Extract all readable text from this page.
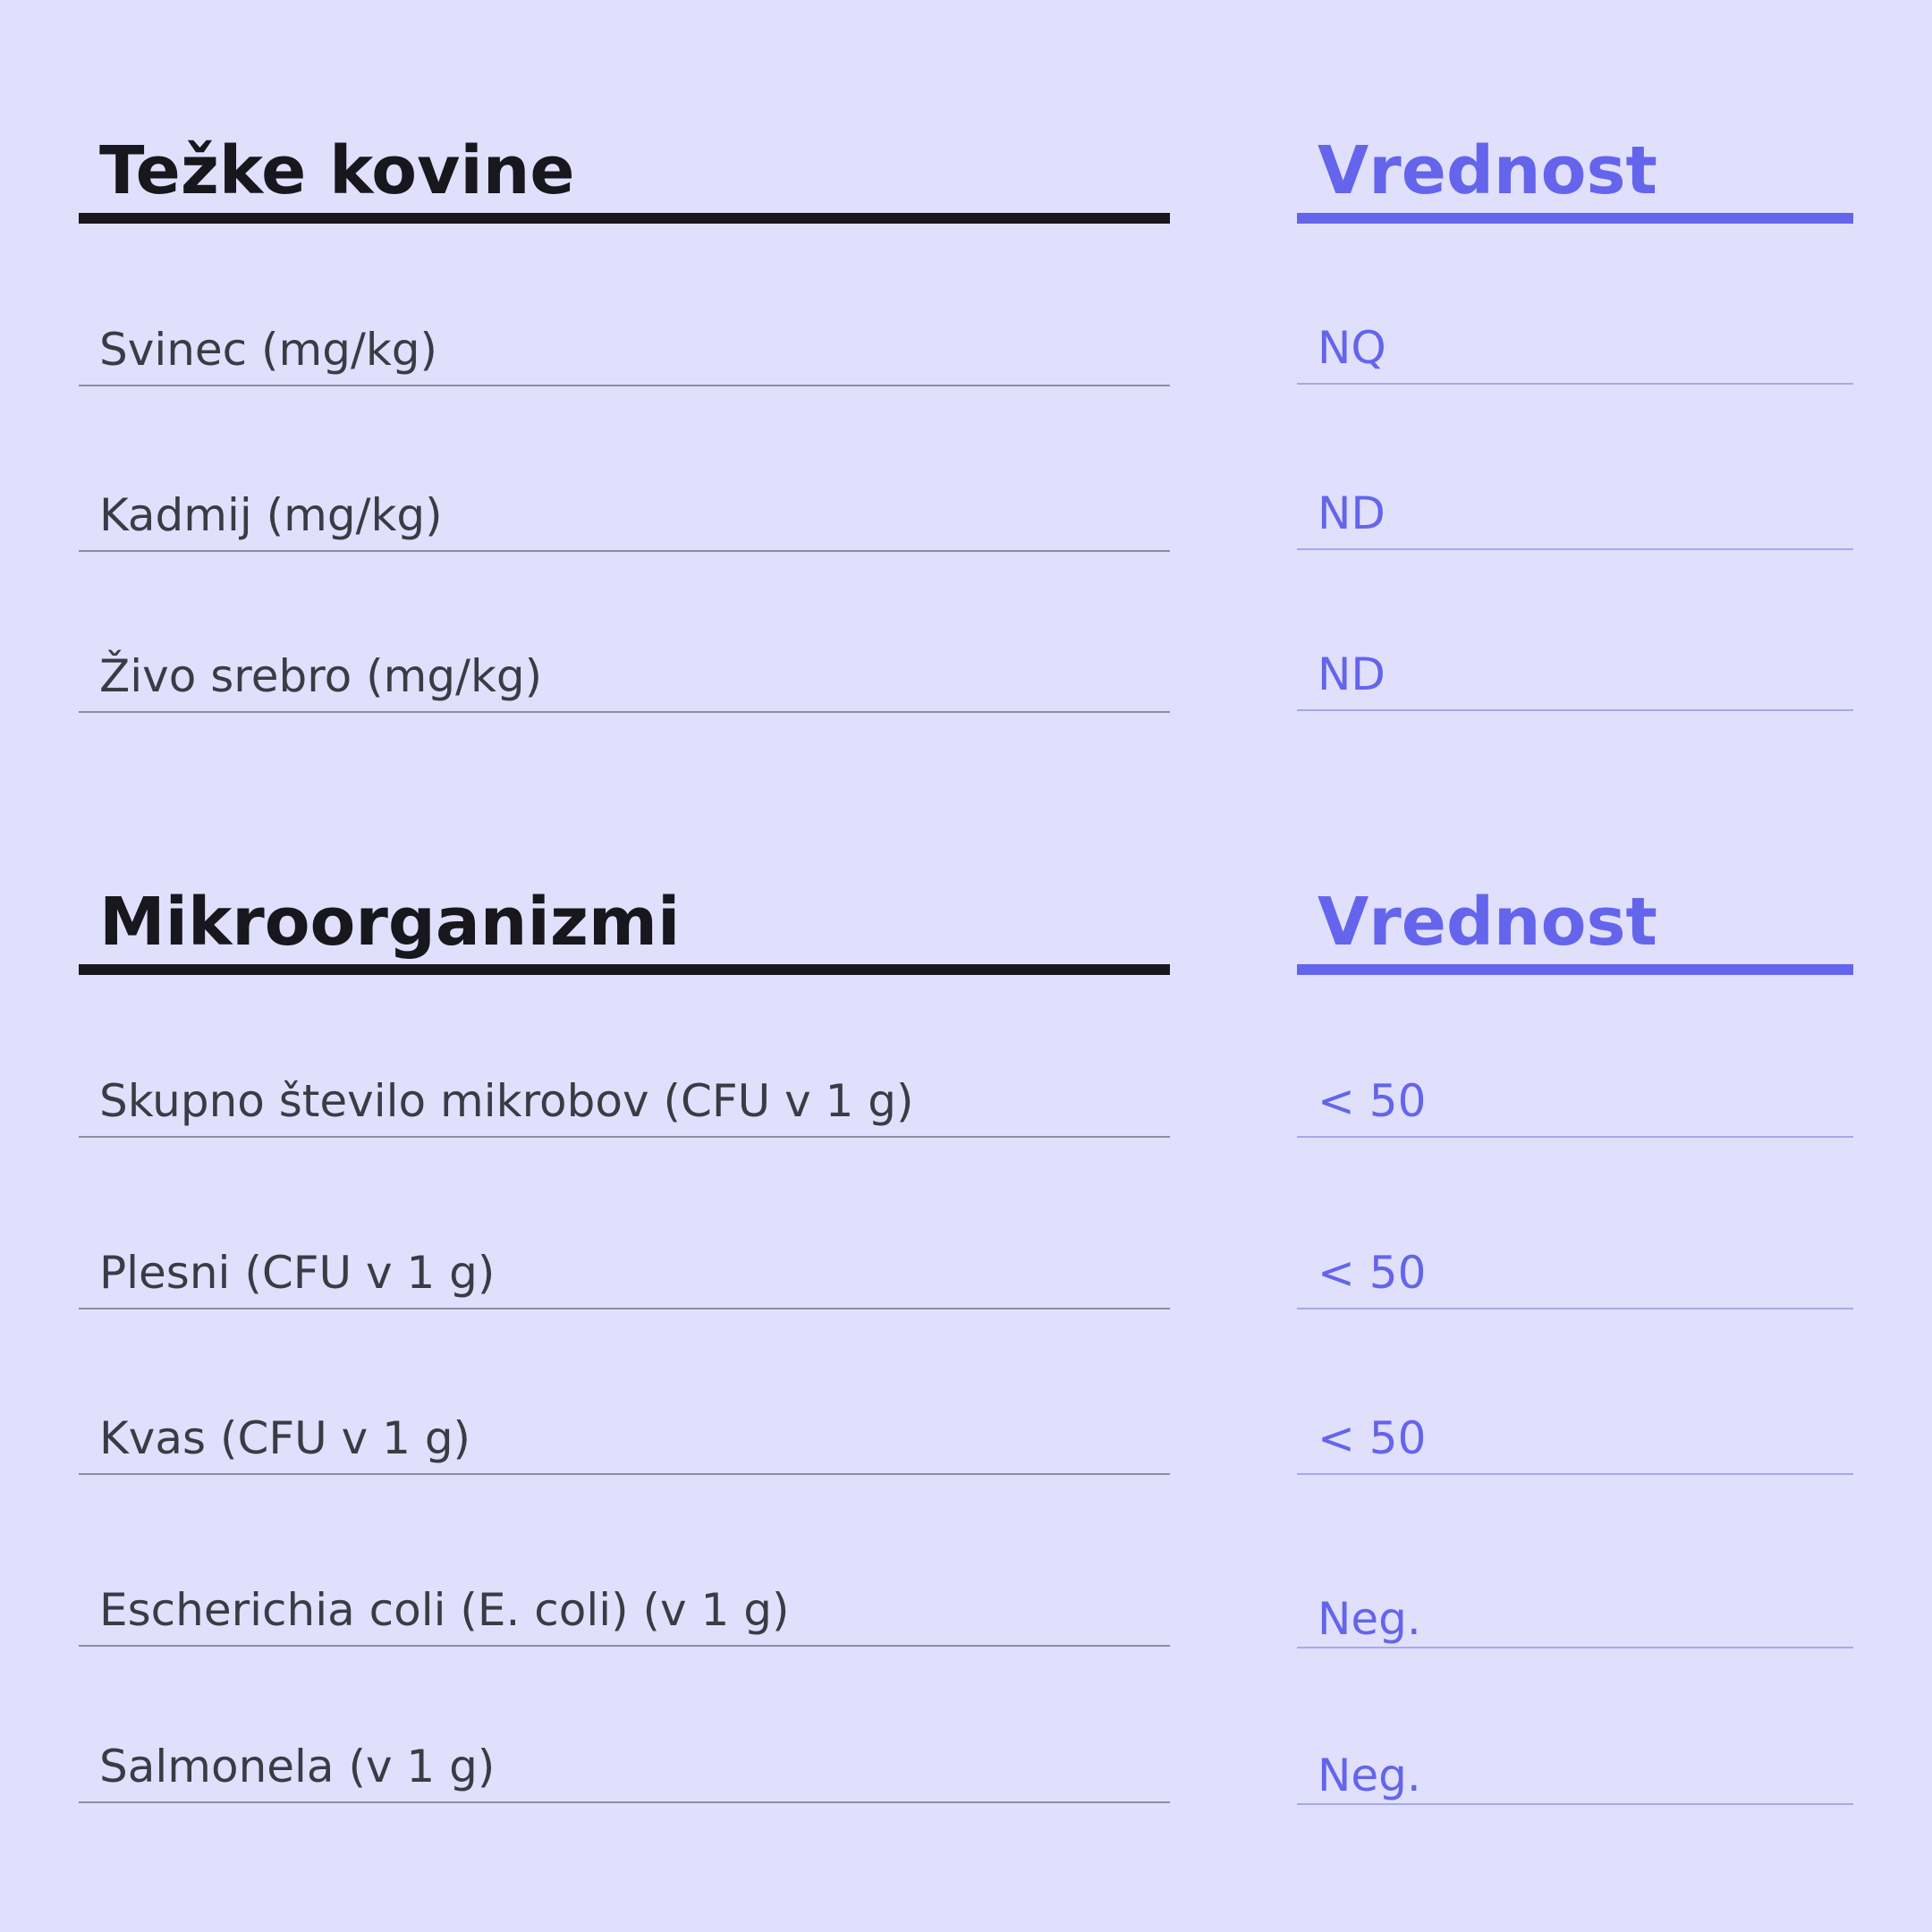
Težke kovine	Vrednost
Svinec (mg/kg)	NQ
Kadmij (mg/kg)	ND
Živo srebro (mg/kg)	ND
Mikroorganizmi	Vrednost
Skupno število mikrobov (CFU v 1 g)	< 50
Plesni (CFU v 1 g)	< 50
Kvas (CFU v 1 g)	< 50
Escherichia coli (E. coli) (v 1 g)	Neg.
Salmonela (v 1 g)	Neg.
